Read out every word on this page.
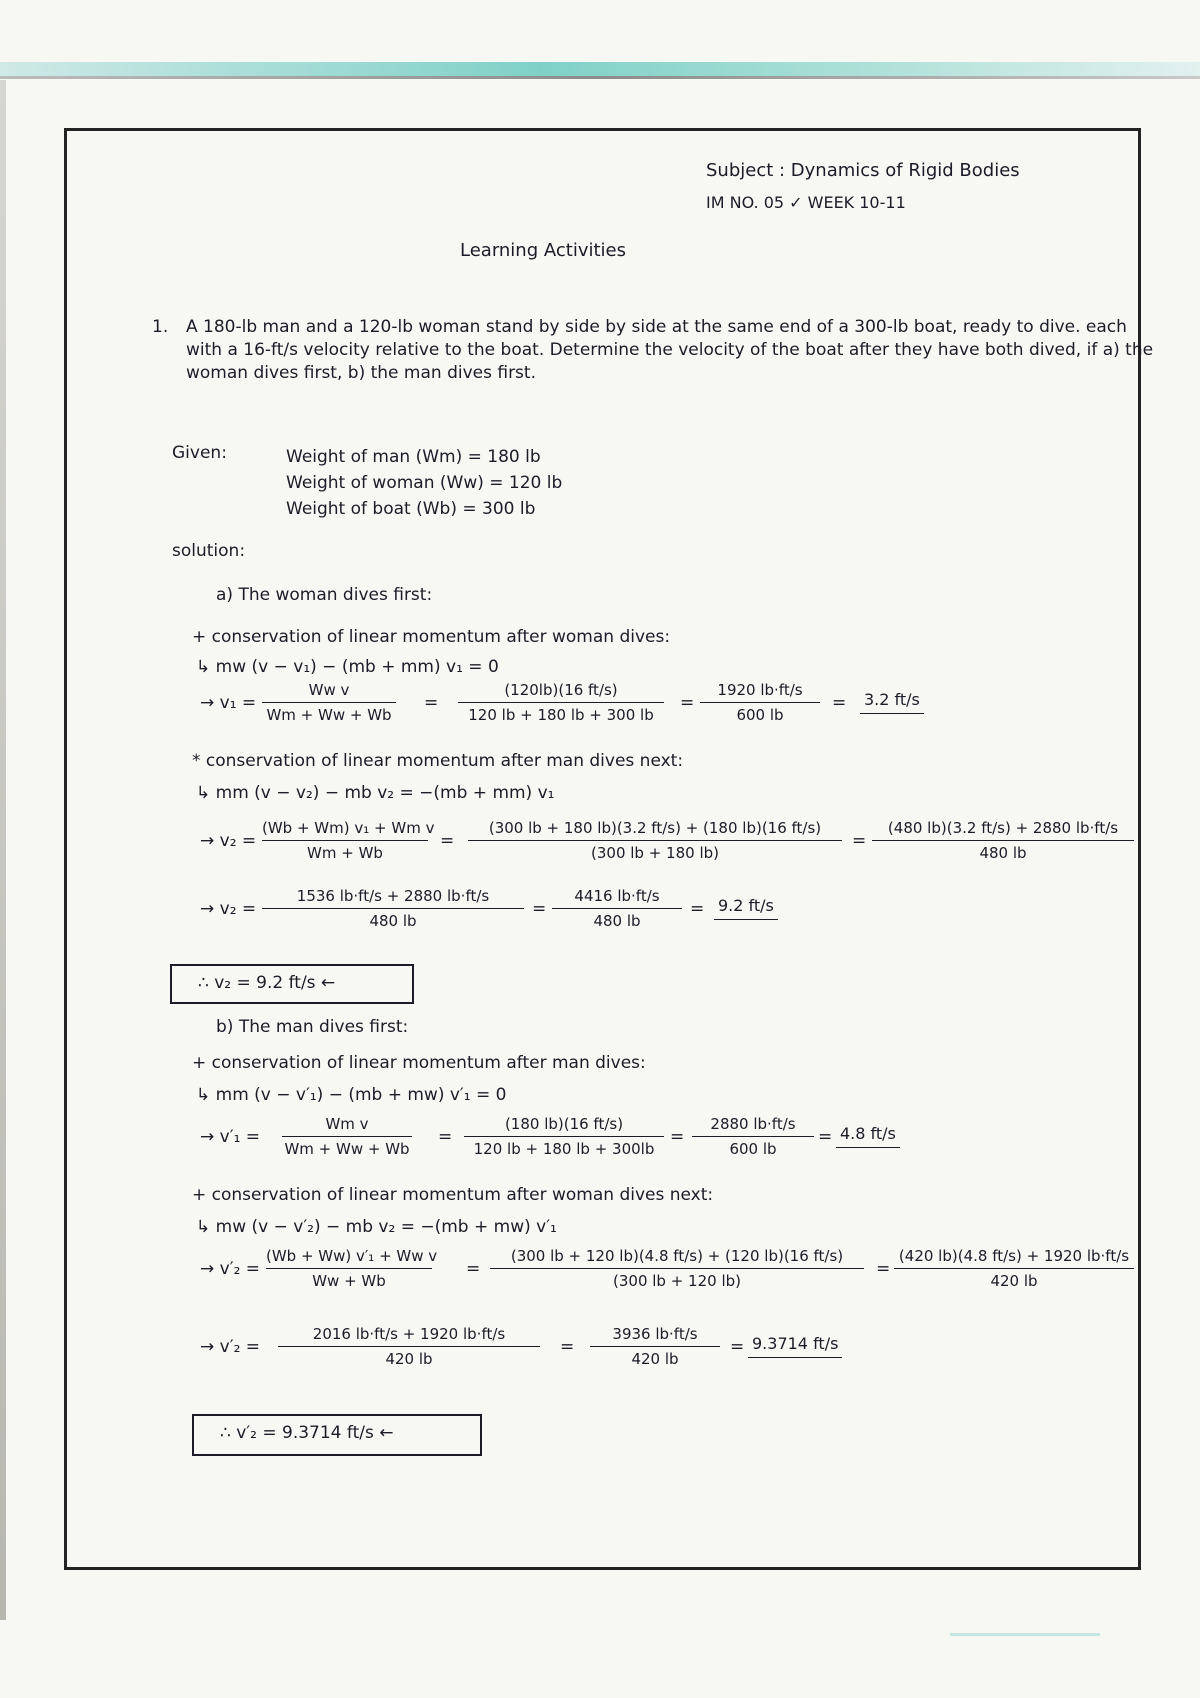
Subject : Dynamics of Rigid Bodies
IM NO. 05 ✓ WEEK 10-11
Learning Activities
1. A 180-lb man and a 120-lb woman stand by side by side at the same end of a 300-lb boat, ready to dive. each with a 16-ft/s velocity relative to the boat. Determine the velocity of the boat after they have both dived, if a) the woman dives first, b) the man dives first.
Given:	Weight of man (Wm) = 180 lb
Weight of woman (Ww) = 120 lb
Weight of boat (Wb) = 300 lb
solution:
a) The woman dives first:
+ conservation of linear momentum after woman dives:
↳ mw (v − v₁) − (mb + mm) v₁ = 0
→ v₁ =
Ww v
Wm + Ww + Wb
=
(120lb)(16 ft/s)
120 lb + 180 lb + 300 lb
=
1920 lb·ft/s
600 lb
= 3.2 ft/s
* conservation of linear momentum after man dives next:
↳ mm (v − v₂) − mb v₂ = −(mb + mm) v₁
→ v₂ =
(Wb + Wm) v₁ + Wm v
Wm + Wb
=
(300 lb + 180 lb)(3.2 ft/s) + (180 lb)(16 ft/s)
(300 lb + 180 lb)
=
(480 lb)(3.2 ft/s) + 2880 lb·ft/s
480 lb
→ v₂ =
1536 lb·ft/s + 2880 lb·ft/s
480 lb
=
4416 lb·ft/s
480 lb
= 9.2 ft/s
∴ v₂ = 9.2 ft/s ←
b) The man dives first:
+ conservation of linear momentum after man dives:
↳ mm (v − v′₁) − (mb + mw) v′₁ = 0
→ v′₁ =
Wm v
Wm + Ww + Wb
=
(180 lb)(16 ft/s)
120 lb + 180 lb + 300lb
=
2880 lb·ft/s
600 lb
= 4.8 ft/s
+ conservation of linear momentum after woman dives next:
↳ mw (v − v′₂) − mb v₂ = −(mb + mw) v′₁
→ v′₂ =
(Wb + Ww) v′₁ + Ww v
Ww + Wb
=
(300 lb + 120 lb)(4.8 ft/s) + (120 lb)(16 ft/s)
(300 lb + 120 lb)
=
(420 lb)(4.8 ft/s) + 1920 lb·ft/s
420 lb
→ v′₂ =
2016 lb·ft/s + 1920 lb·ft/s
420 lb
=
3936 lb·ft/s
420 lb
= 9.3714 ft/s
∴ v′₂ = 9.3714 ft/s ←
